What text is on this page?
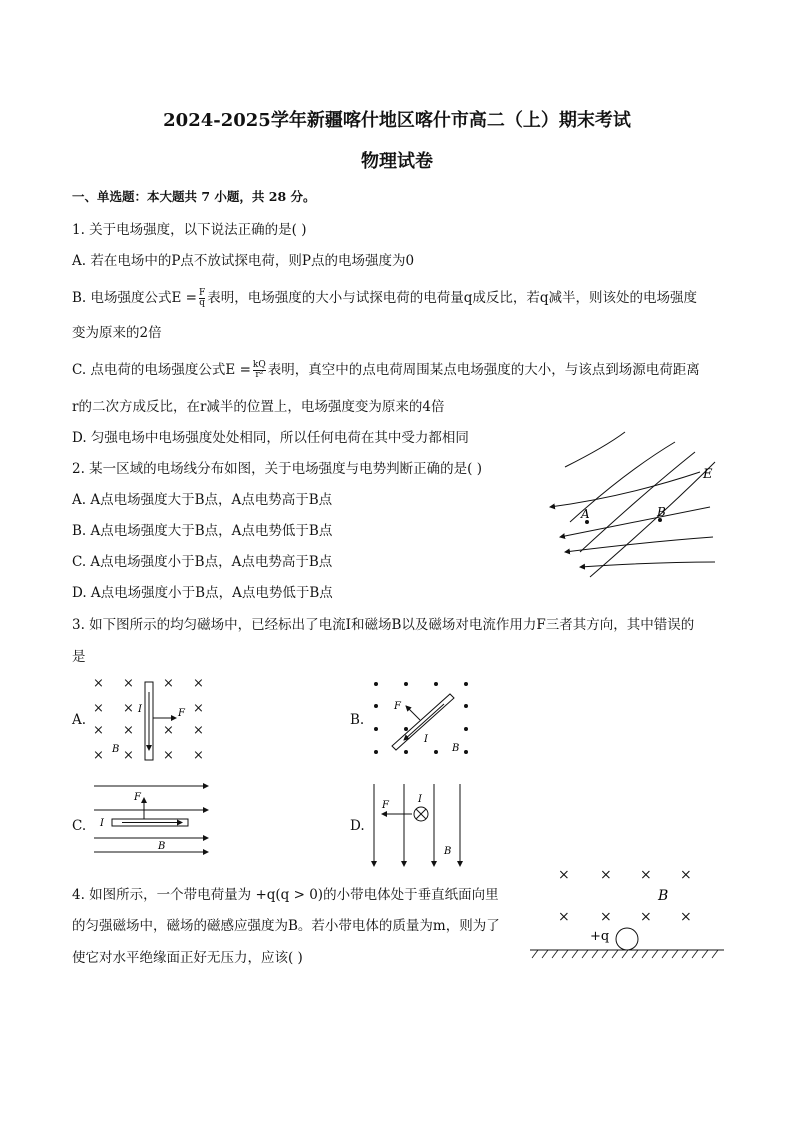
2024-2025学年新疆喀什地区喀什市高二（上）期末考试
物理试卷
一、单选题：本大题共 7 小题，共 28 分。
1. 关于电场强度，以下说法正确的是( )
A. 若在电场中的P点不放试探电荷，则P点的电场强度为0
B. 电场强度公式$E = \frac{F}{q}$ 表明，电场强度的大小与试探电荷的电荷量q成反比，若q减半，则该处的电场强度
变为原来的2倍
C. 点电荷的电场强度公式$E = \frac{kQ}{\text{r²}}$ 表明，真空中的点电荷周围某点电场强度的大小，与该点到场源电荷距离
r的二次方成反比，在r减半的位置上，电场强度变为原来的4倍
D. 匀强电场中电场强度处处相同，所以任何电荷在其中受力都相同
2. 某一区域的电场线分布如图，关于电场强度与电势判断正确的是( )
A. A点电场强度大于B点，A点电势高于B点
B. A点电场强度大于B点，A点电势低于B点
C. A点电场强度小于B点，A点电势高于B点
D. A点电场强度小于B点，A点电势低于B点
E
A	B
3. 如下图所示的均匀磁场中，已经标出了电流I和磁场B以及磁场对电流作用力F三者其方向，其中错误的
是
A.
× × × ×
× ×	×
× × × ×
× × × ×
I	F
B
B.
F
I
B
C.
F
I
B
D.
F
I
B
4. 如图所示，一个带电荷量为 +q(q > 0)的小带电体处于垂直纸面向里
的匀强磁场中，磁场的磁感应强度为B。若小带电体的质量为m，则为了
使它对水平绝缘面正好无压力，应该( )
× × × ×
× × × ×
B
+q
